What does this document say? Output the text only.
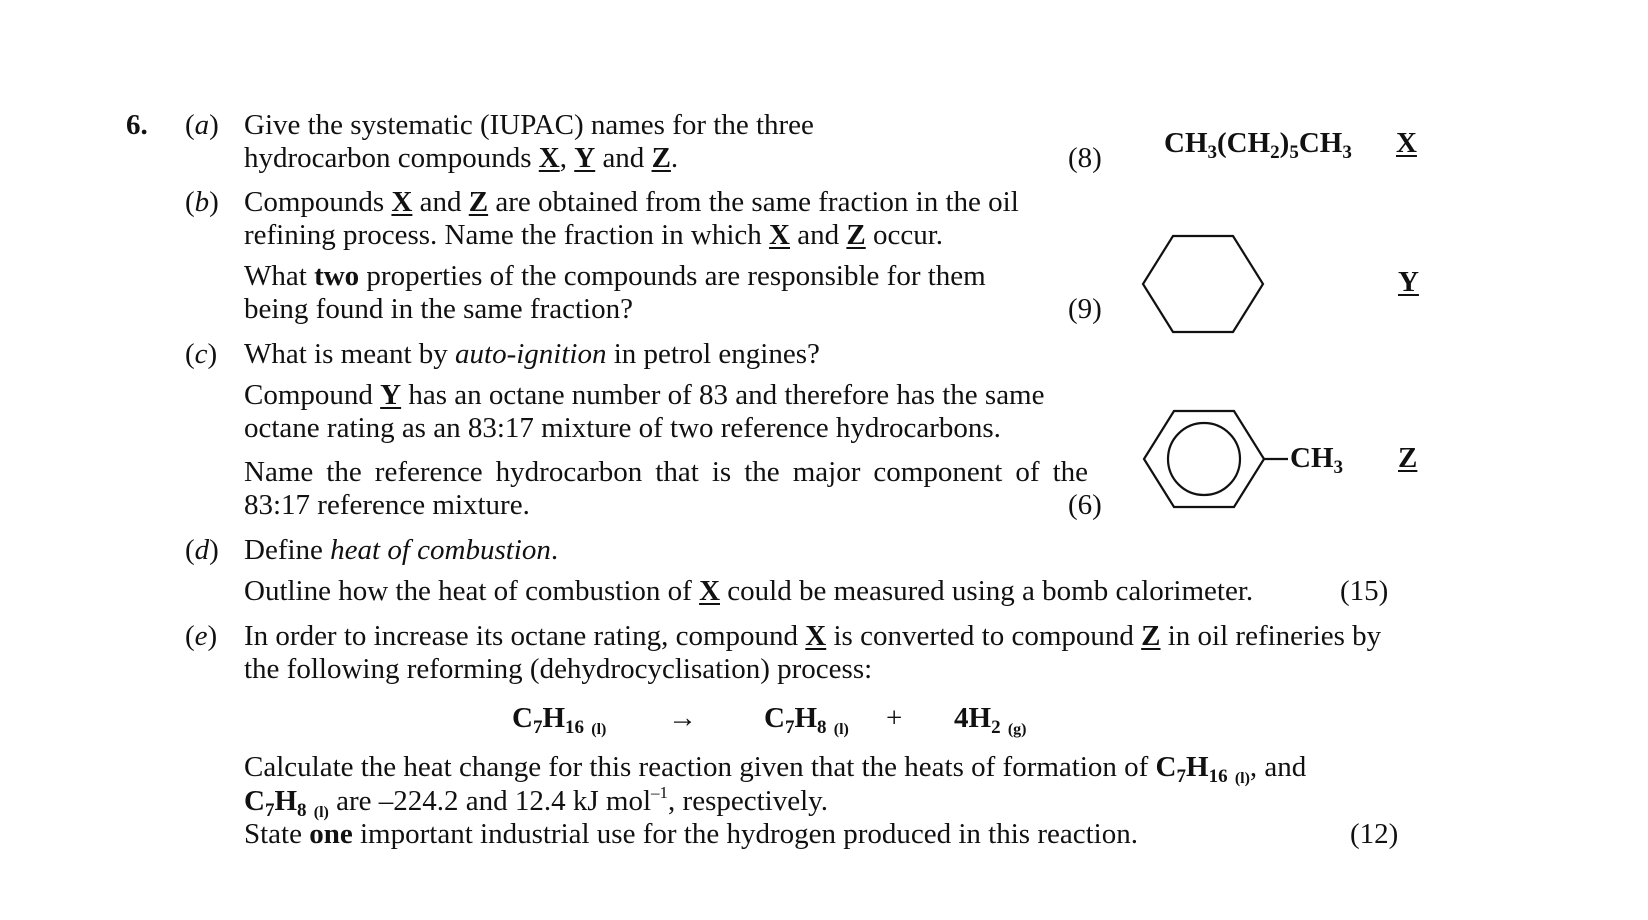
6. (a) Give the systematic (IUPAC) names for the three
hydrocarbon compounds X, Y and Z.	(8)
(b) Compounds X and Z are obtained from the same fraction in the oil
refining process. Name the fraction in which X and Z occur.
What two properties of the compounds are responsible for them
being found in the same fraction?	(9)
(c) What is meant by auto-ignition in petrol engines?
Compound Y has an octane number of 83 and therefore has the same
octane rating as an 83:17 mixture of two reference hydrocarbons.
Name the reference hydrocarbon that is the major component of the
83:17 reference mixture.	(6)
(d) Define heat of combustion.
Outline how the heat of combustion of X could be measured using a bomb calorimeter.	(15)
(e) In order to increase its octane rating, compound X is converted to compound Z in oil refineries by
the following reforming (dehydrocyclisation) process:
$C_7H_{16}$ $_{(l)} \to C_7H_8$ $_{(l)} + 4H_2$ $_{(g)}$
Calculate the heat change for this reaction given that the heats of formation of $C_7H_{16}$ $_{(l)}$, and
$C_7H_8$ $_{(l)}$ are –224.2 and 12.4 kJ mol$^{-1}$, respectively.
State one important industrial use for the hydrogen produced in this reaction.	(12)
$CH_3(CH_2)_5CH_3$ X
Y
$CH_3$ Z
